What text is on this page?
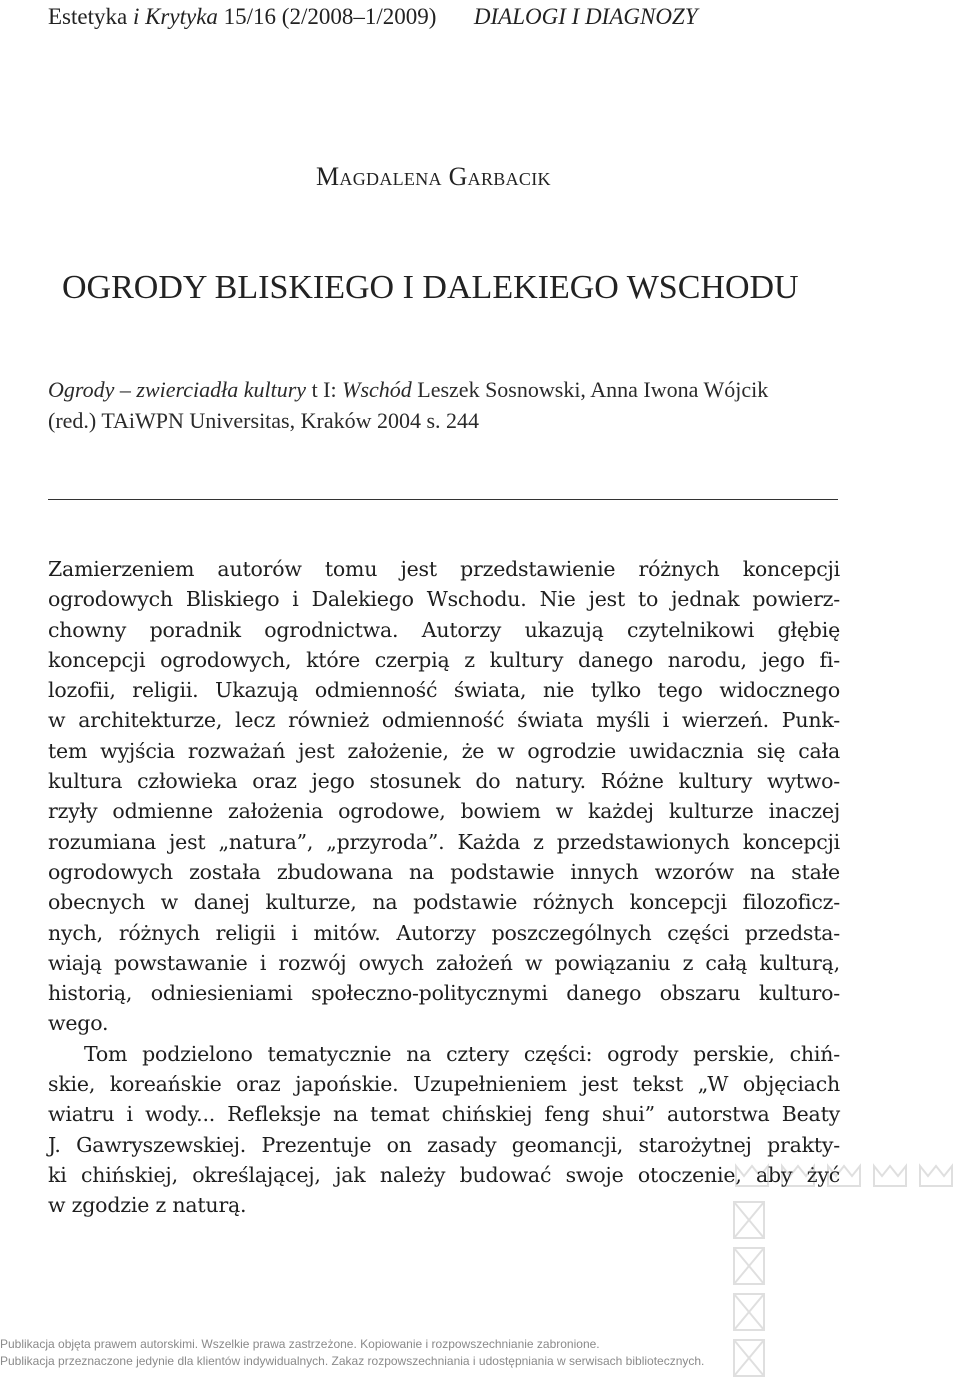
Estetyka i Krytyka 15/16 (2/2008–1/2009) DIALOGI I DIAGNOZY
Magdalena Garbacik
OGRODY BLISKIEGO I DALEKIEGO WSCHODU
Ogrody – zwierciadła kultury t I: Wschód Leszek Sosnowski, Anna Iwona Wójcik
(red.) TAiWPN Universitas, Kraków 2004 s. 244
Zamierzeniem autorów tomu jest przedstawienie różnych koncepcji
ogrodowych Bliskiego i Dalekiego Wschodu. Nie jest to jednak powierz-
chowny poradnik ogrodnictwa. Autorzy ukazują czytelnikowi głębię
koncepcji ogrodowych, które czerpią z kultury danego narodu, jego fi-
lozofii, religii. Ukazują odmienność świata, nie tylko tego widocznego
w architekturze, lecz również odmienność świata myśli i wierzeń. Punk-
tem wyjścia rozważań jest założenie, że w ogrodzie uwidacznia się cała
kultura człowieka oraz jego stosunek do natury. Różne kultury wytwo-
rzyły odmienne założenia ogrodowe, bowiem w każdej kulturze inaczej
rozumiana jest „natura”, „przyroda”. Każda z przedstawionych koncepcji
ogrodowych została zbudowana na podstawie innych wzorów na stałe
obecnych w danej kulturze, na podstawie różnych koncepcji filozoficz-
nych, różnych religii i mitów. Autorzy poszczególnych części przedsta-
wiają powstawanie i rozwój owych założeń w powiązaniu z całą kulturą,
historią, odniesieniami społeczno-politycznymi danego obszaru kulturo-
wego.
Tom podzielono tematycznie na cztery części: ogrody perskie, chiń-
skie, koreańskie oraz japońskie. Uzupełnieniem jest tekst „W objęciach
wiatru i wody... Refleksje na temat chińskiej feng shui” autorstwa Beaty
J. Gawryszewskiej. Prezentuje on zasady geomancji, starożytnej prakty-
ki chińskiej, określającej, jak należy budować swoje otoczenie, aby żyć
w zgodzie z naturą.
Publikacja objęta prawem autorskimi. Wszelkie prawa zastrzeżone. Kopiowanie i rozpowszechnianie zabronione.
Publikacja przeznaczone jedynie dla klientów indywidualnych. Zakaz rozpowszechniania i udostępniania w serwisach bibliotecznych.
